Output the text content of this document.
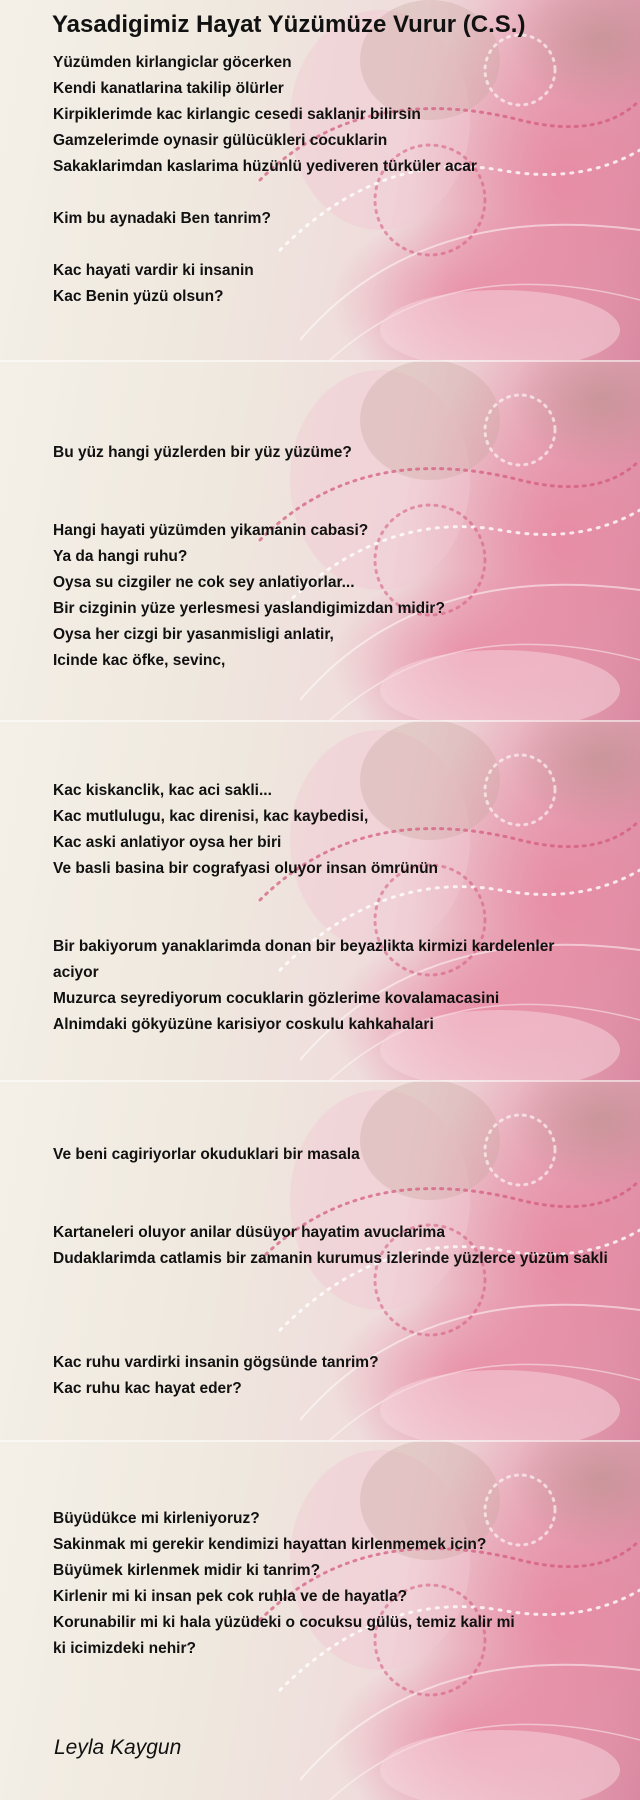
Yasadigimiz Hayat Yüzümüze Vurur (C.S.)
Yüzümden kirlangiclar göcerken
Kendi kanatlarina takilip ölürler
Kirpiklerimde kac kirlangic cesedi saklanir bilirsin
Gamzelerimde oynasir gülücükleri cocuklarin
Sakaklarimdan kaslarima hüzünlü yediveren türküler acar
Kim bu aynadaki Ben tanrim?
Kac hayati vardir ki insanin
Kac Benin yüzü olsun?
Bu yüz hangi yüzlerden bir yüz yüzüme?
Hangi hayati yüzümden yikamanin cabasi?
Ya da hangi ruhu?
Oysa su cizgiler ne cok sey anlatiyorlar...
Bir cizginin yüze yerlesmesi yaslandigimizdan midir?
Oysa her cizgi bir yasanmisligi anlatir,
Icinde kac öfke, sevinc,
Kac kiskanclik, kac aci sakli...
Kac mutlulugu, kac direnisi, kac kaybedisi,
Kac aski anlatiyor oysa her biri
Ve basli basina bir cografyasi oluyor insan ömrünün
Bir bakiyorum yanaklarimda donan bir beyazlikta kirmizi kardelenler
aciyor
Muzurca seyrediyorum cocuklarin gözlerime kovalamacasini
Alnimdaki gökyüzüne karisiyor coskulu kahkahalari
Ve beni cagiriyorlar okuduklari bir masala
Kartaneleri oluyor anilar düsüyor hayatim avuclarima
Dudaklarimda catlamis bir zamanin kurumus izlerinde yüzlerce yüzüm sakli
Kac ruhu vardirki insanin gögsünde tanrim?
Kac ruhu kac hayat eder?
Büyüdükce mi kirleniyoruz?
Sakinmak mi gerekir kendimizi hayattan kirlenmemek icin?
Büyümek kirlenmek midir ki tanrim?
Kirlenir mi ki insan pek cok ruhla ve de hayatla?
Korunabilir mi ki hala yüzüdeki o cocuksu gülüs, temiz kalir mi
ki icimizdeki nehir?
Leyla Kaygun
